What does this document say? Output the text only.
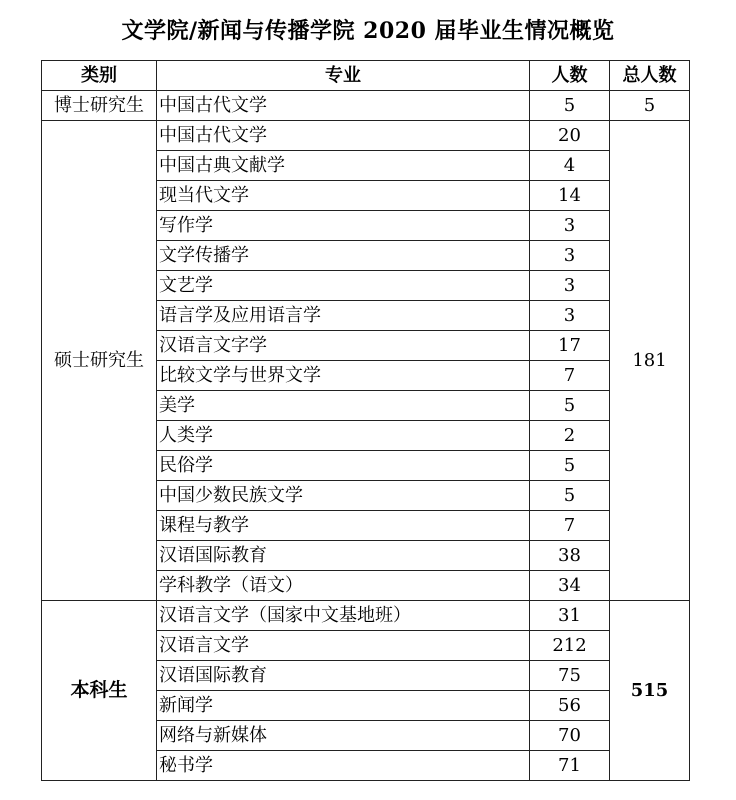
文学院/新闻与传播学院 2020 届毕业生情况概览
类别	专业	人数	总人数
博士研究生	中国古代文学	5	5
硕士研究生	中国古代文学	20	181
	中国古典文献学	4	
	现当代文学	14	
	写作学	3	
	文学传播学	3	
	文艺学	3	
	语言学及应用语言学	3	
	汉语言文字学	17	
	比较文学与世界文学	7	
	美学	5	
	人类学	2	
	民俗学	5	
	中国少数民族文学	5	
	课程与教学	7	
	汉语国际教育	38	
	学科教学（语文）	34	
本科生	汉语言文学（国家中文基地班）	31	515
	汉语言文学	212	
	汉语国际教育	75	
	新闻学	56	
	网络与新媒体	70	
	秘书学	71	
